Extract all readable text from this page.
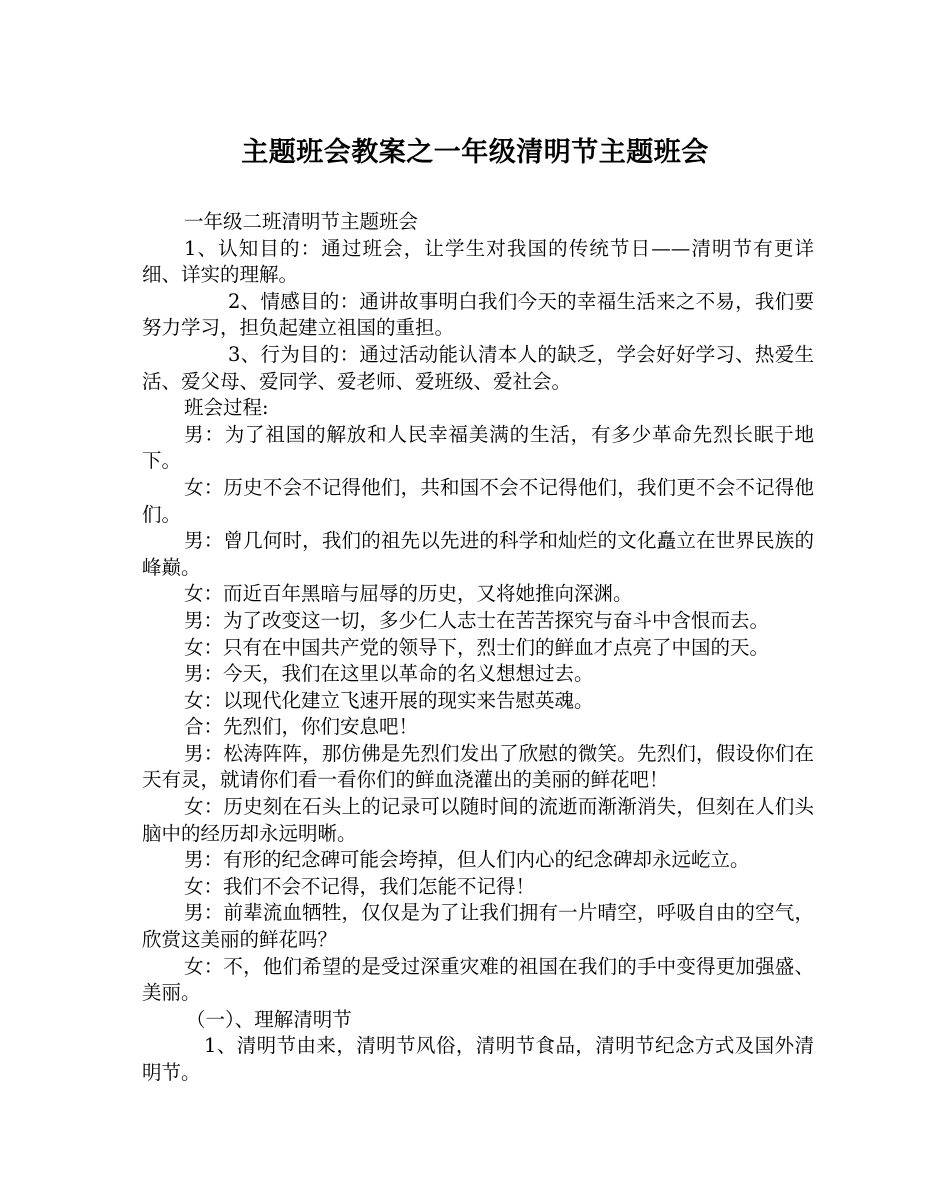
主题班会教案之一年级清明节主题班会

一年级二班清明节主题班会

1、认知目的：通过班会，让学生对我国的传统节日——清明节有更详细、详实的理解。

2、情感目的：通讲故事明白我们今天的幸福生活来之不易，我们要努力学习，担负起建立祖国的重担。

3、行为目的：通过活动能认清本人的缺乏，学会好好学习、热爱生活、爱父母、爱同学、爱老师、爱班级、爱社会。

班会过程:

男：为了祖国的解放和人民幸福美满的生活，有多少革命先烈长眠于地下。

女：历史不会不记得他们，共和国不会不记得他们，我们更不会不记得他们。

男：曾几何时，我们的祖先以先进的科学和灿烂的文化矗立在世界民族的峰巅。

女：而近百年黑暗与屈辱的历史，又将她推向深渊。

男：为了改变这一切，多少仁人志士在苦苦探究与奋斗中含恨而去。

女：只有在中国共产党的领导下，烈士们的鲜血才点亮了中国的天。

男：今天，我们在这里以革命的名义想想过去。

女：以现代化建立飞速开展的现实来告慰英魂。

合：先烈们，你们安息吧！

男：松涛阵阵，那仿佛是先烈们发出了欣慰的微笑。先烈们，假设你们在天有灵，就请你们看一看你们的鲜血浇灌出的美丽的鲜花吧！

女：历史刻在石头上的记录可以随时间的流逝而渐渐消失，但刻在人们头脑中的经历却永远明晰。

男：有形的纪念碑可能会垮掉，但人们内心的纪念碑却永远屹立。

女：我们不会不记得，我们怎能不记得！

男：前辈流血牺牲，仅仅是为了让我们拥有一片晴空，呼吸自由的空气，欣赏这美丽的鲜花吗？

女：不，他们希望的是受过深重灾难的祖国在我们的手中变得更加强盛、美丽。

（一）、理解清明节

1、清明节由来，清明节风俗，清明节食品，清明节纪念方式及国外清明节。
